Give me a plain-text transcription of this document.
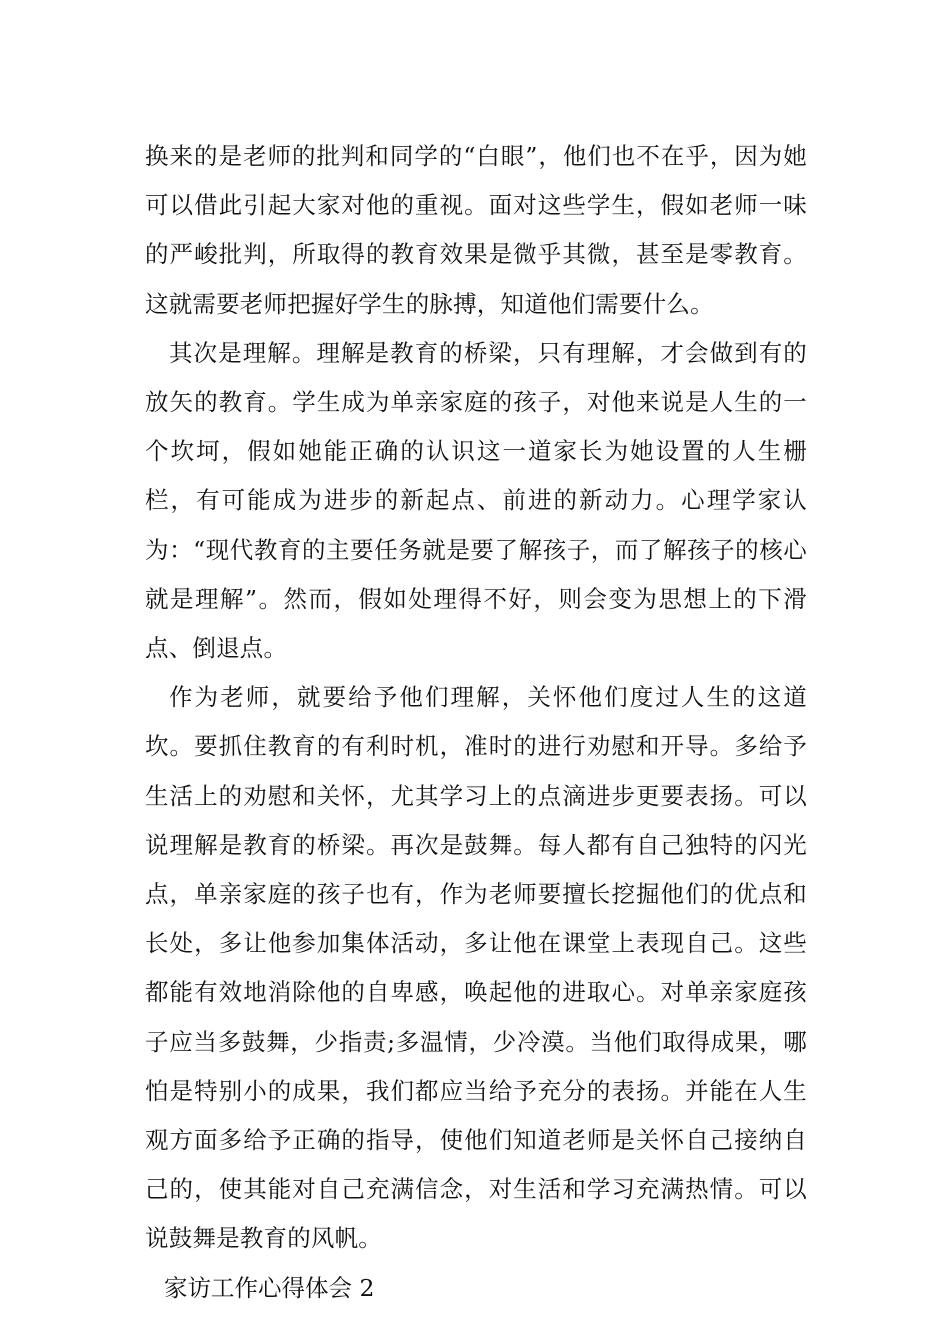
换来的是老师的批判和同学的“白眼”，他们也不在乎，因为她可以借此引起大家对他的重视。面对这些学生，假如老师一味的严峻批判，所取得的教育效果是微乎其微，甚至是零教育。这就需要老师把握好学生的脉搏，知道他们需要什么。

其次是理解。理解是教育的桥梁，只有理解，才会做到有的放矢的教育。学生成为单亲家庭的孩子，对他来说是人生的一个坎坷，假如她能正确的认识这一道家长为她设置的人生栅栏，有可能成为进步的新起点、前进的新动力。心理学家认为：“现代教育的主要任务就是要了解孩子，而了解孩子的核心就是理解”。然而，假如处理得不好，则会变为思想上的下滑点、倒退点。

作为老师，就要给予他们理解，关怀他们度过人生的这道坎。要抓住教育的有利时机，准时的进行劝慰和开导。多给予生活上的劝慰和关怀，尤其学习上的点滴进步更要表扬。可以说理解是教育的桥梁。再次是鼓舞。每人都有自己独特的闪光点，单亲家庭的孩子也有，作为老师要擅长挖掘他们的优点和长处，多让他参加集体活动，多让他在课堂上表现自己。这些都能有效地消除他的自卑感，唤起他的进取心。对单亲家庭孩子应当多鼓舞，少指责;多温情，少冷漠。当他们取得成果，哪怕是特别小的成果，我们都应当给予充分的表扬。并能在人生观方面多给予正确的指导，使他们知道老师是关怀自己接纳自己的，使其能对自己充满信念，对生活和学习充满热情。可以说鼓舞是教育的风帆。

家访工作心得体会 2
